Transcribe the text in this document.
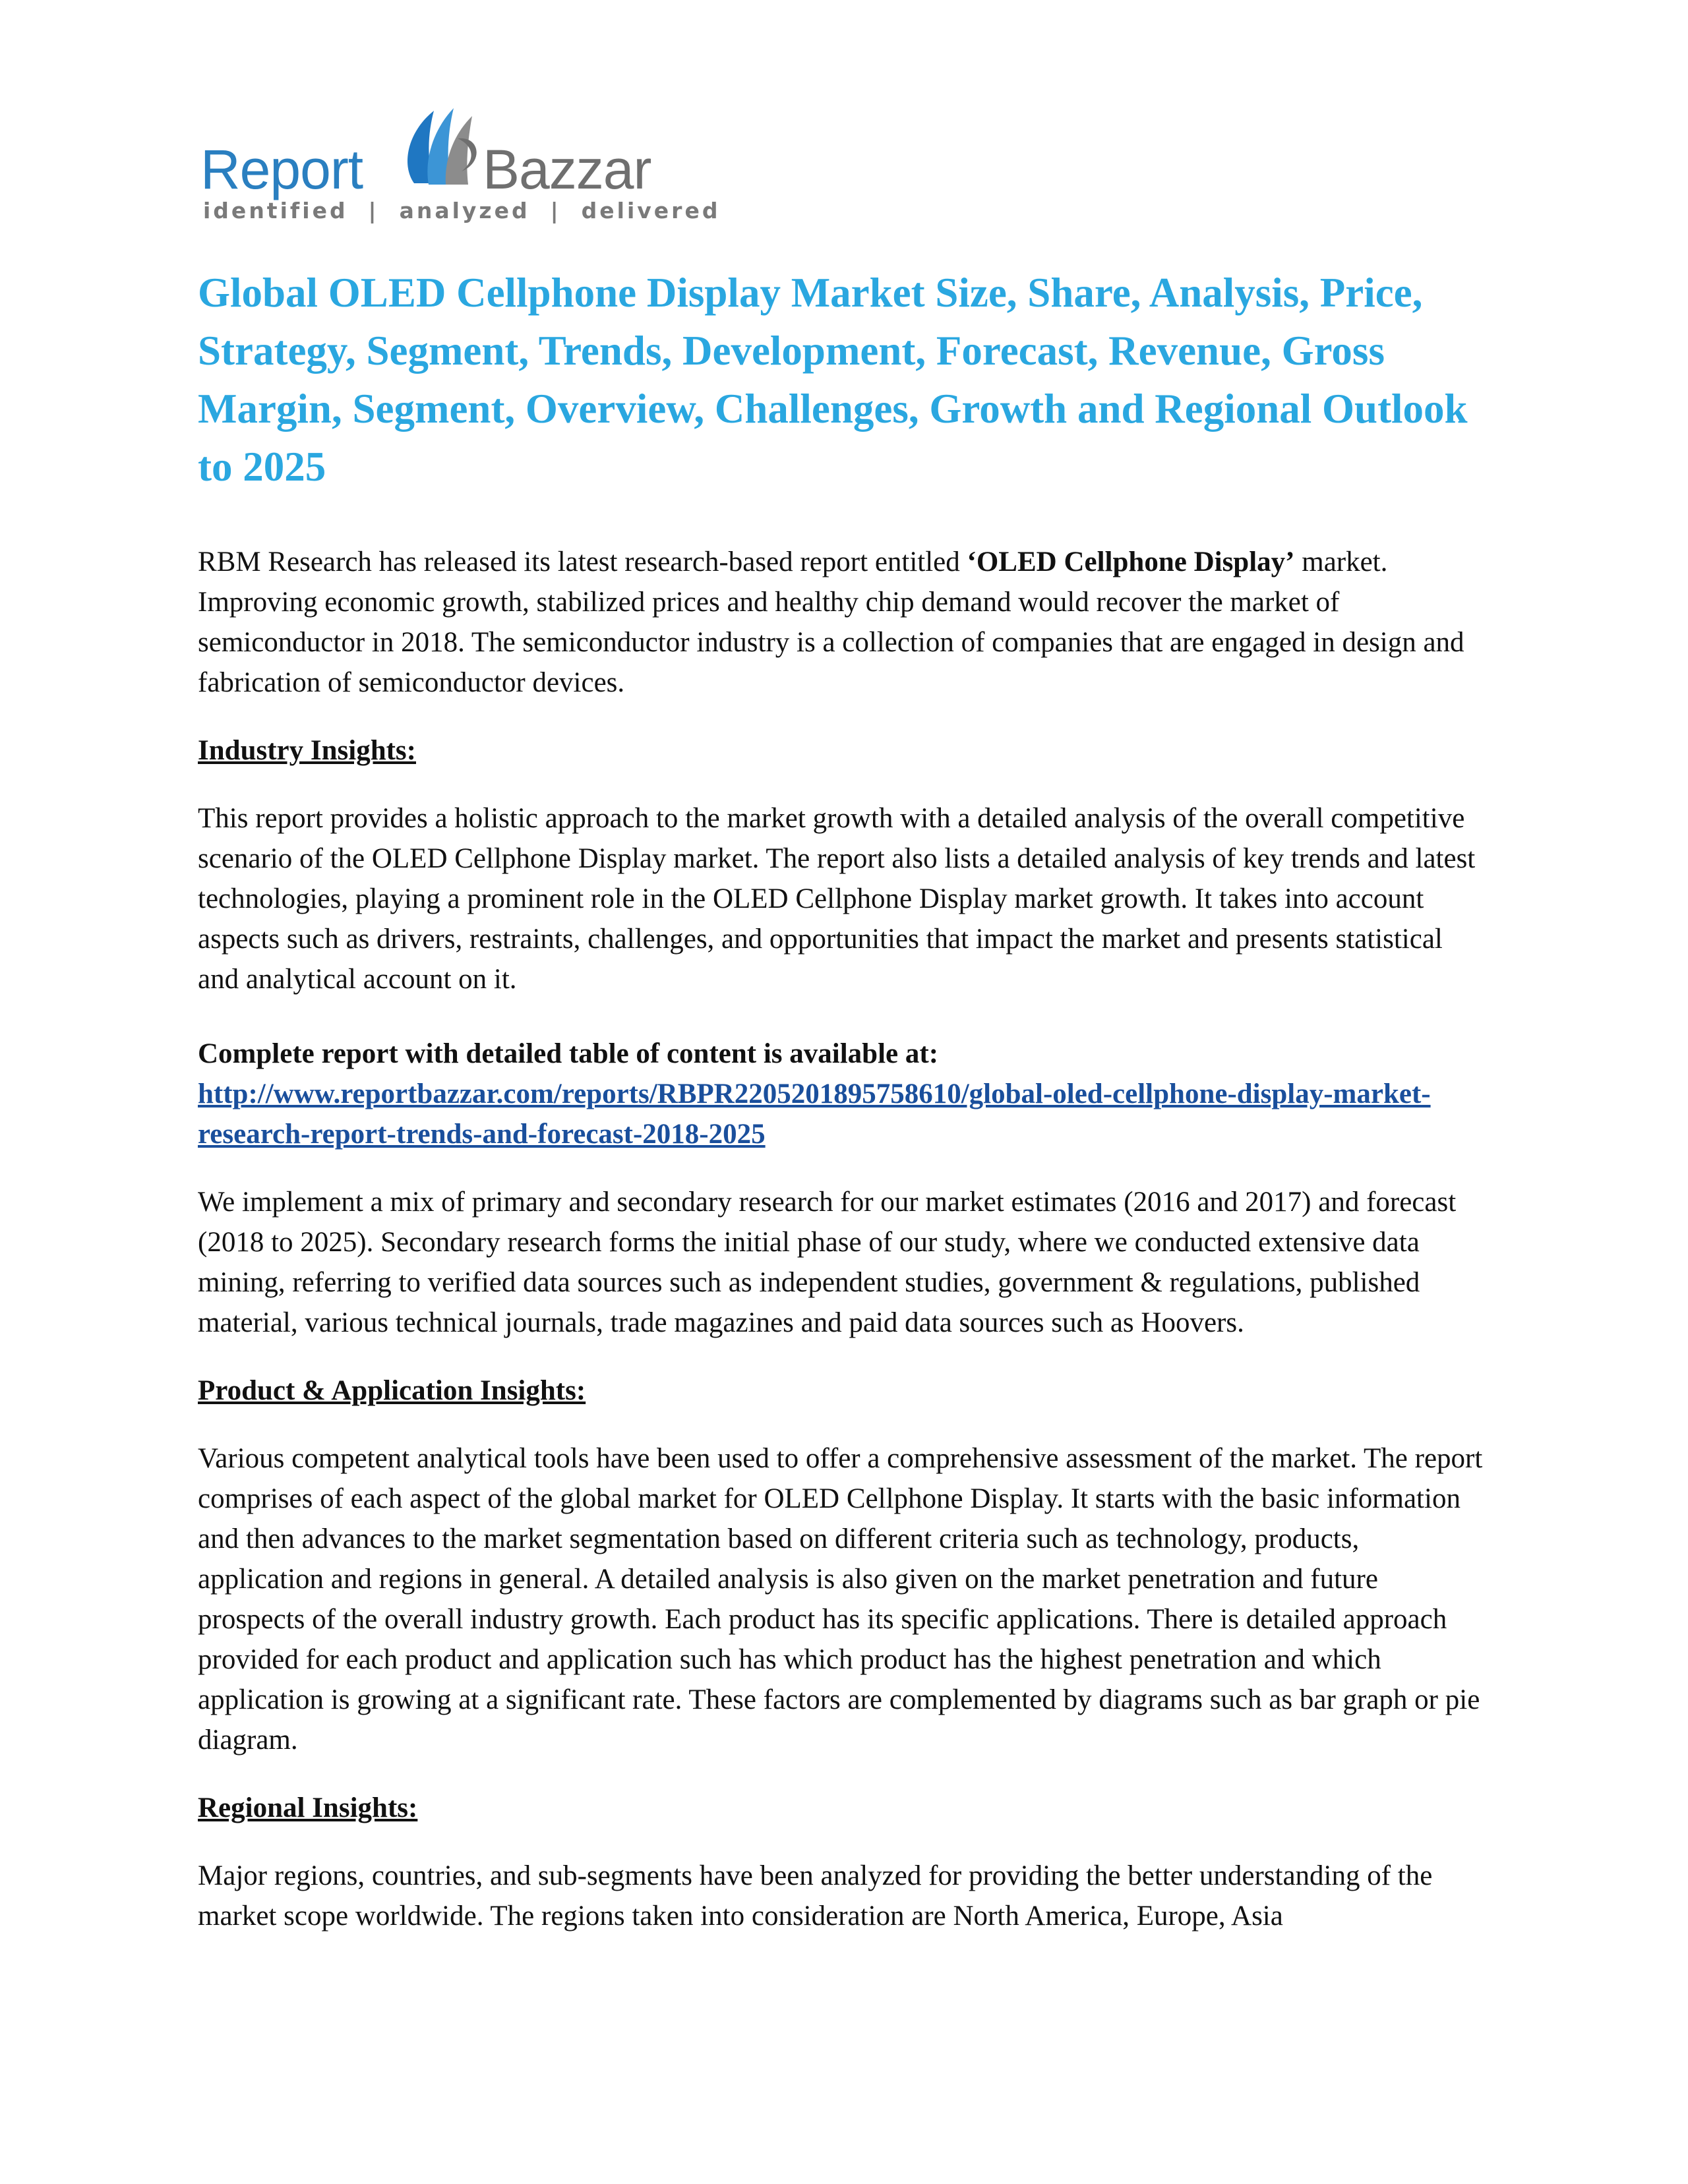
Report Bazzar
identified  |  analyzed  |  delivered
Global OLED Cellphone Display Market Size, Share, Analysis, Price, Strategy, Segment, Trends, Development, Forecast, Revenue, Gross Margin, Segment, Overview, Challenges, Growth and Regional Outlook to 2025

RBM Research has released its latest research-based report entitled ‘OLED Cellphone Display’ market. Improving economic growth, stabilized prices and healthy chip demand would recover the market of semiconductor in 2018. The semiconductor industry is a collection of companies that are engaged in design and fabrication of semiconductor devices.

Industry Insights:

This report provides a holistic approach to the market growth with a detailed analysis of the overall competitive scenario of the OLED Cellphone Display market. The report also lists a detailed analysis of key trends and latest technologies, playing a prominent role in the OLED Cellphone Display market growth. It takes into account aspects such as drivers, restraints, challenges, and opportunities that impact the market and presents statistical and analytical account on it.

Complete report with detailed table of content is available at:

http://www.reportbazzar.com/reports/RBPR220520189575861​0/global-oled-cellphone-display-market-research-report-trends-and-forecast-2018-2025

We implement a mix of primary and secondary research for our market estimates (2016 and 2017) and forecast (2018 to 2025). Secondary research forms the initial phase of our study, where we conducted extensive data mining, referring to verified data sources such as independent studies, government & regulations, published material, various technical journals, trade magazines and paid data sources such as Hoovers.

Product & Application Insights:

Various competent analytical tools have been used to offer a comprehensive assessment of the market. The report comprises of each aspect of the global market for OLED Cellphone Display. It starts with the basic information and then advances to the market segmentation based on different criteria such as technology, products, application and regions in general. A detailed analysis is also given on the market penetration and future prospects of the overall industry growth. Each product has its specific applications. There is detailed approach provided for each product and application such has which product has the highest penetration and which application is growing at a significant rate. These factors are complemented by diagrams such as bar graph or pie diagram.

Regional Insights:

Major regions, countries, and sub-segments have been analyzed for providing the better understanding of the market scope worldwide. The regions taken into consideration are North America, Europe, Asia
